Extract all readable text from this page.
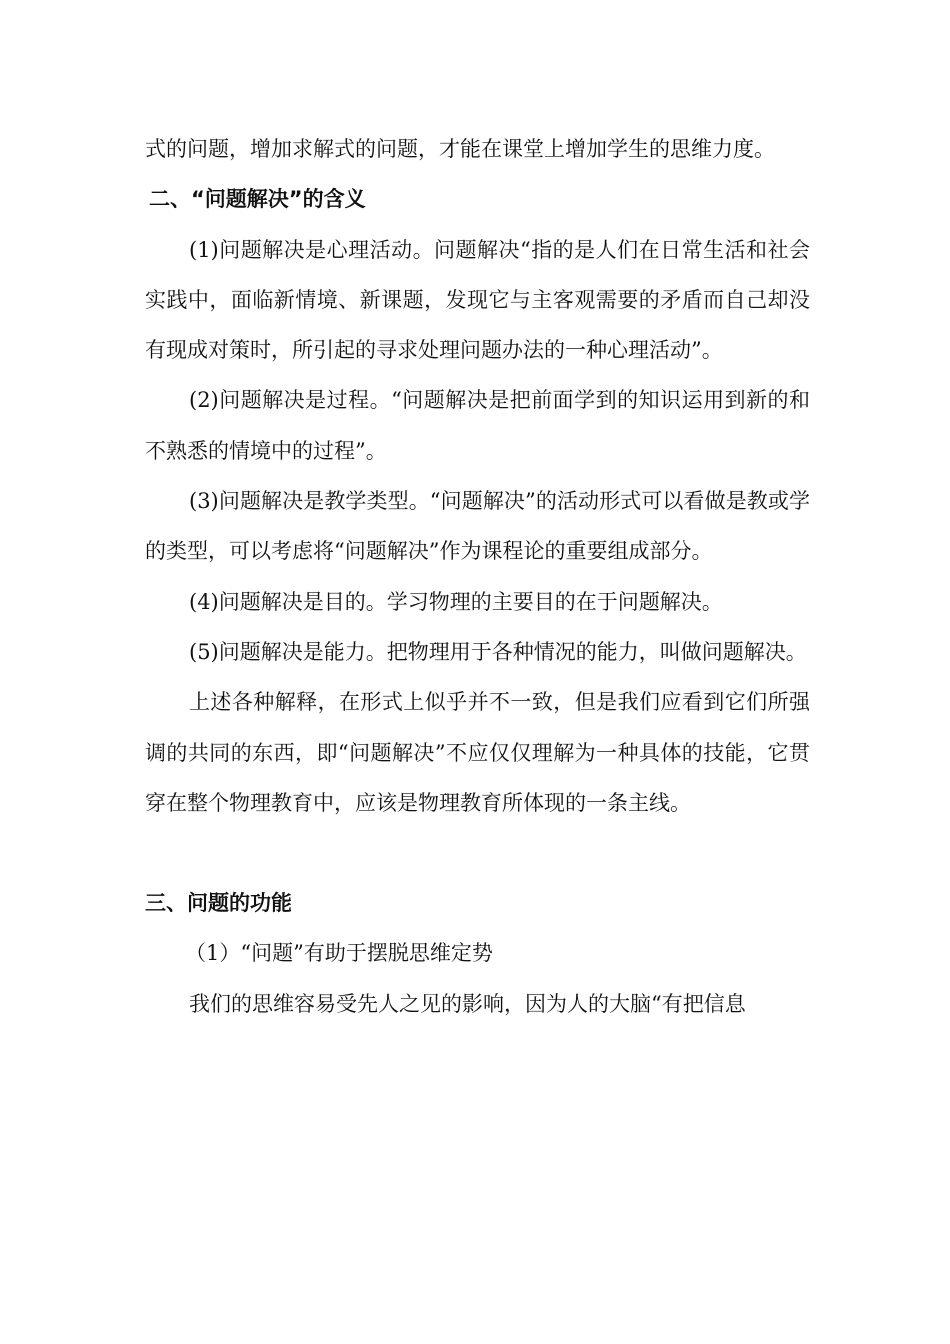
式的问题，增加求解式的问题，才能在课堂上增加学生的思维力度。

二、“问题解决”的含义

(1)问题解决是心理活动。问题解决“指的是人们在日常生活和社会实践中，面临新情境、新课题，发现它与主客观需要的矛盾而自己却没有现成对策时，所引起的寻求处理问题办法的一种心理活动”。

(2)问题解决是过程。“问题解决是把前面学到的知识运用到新的和不熟悉的情境中的过程”。

(3)问题解决是教学类型。“问题解决”的活动形式可以看做是教或学的类型，可以考虑将“问题解决”作为课程论的重要组成部分。

(4)问题解决是目的。学习物理的主要目的在于问题解决。

(5)问题解决是能力。把物理用于各种情况的能力，叫做问题解决。

上述各种解释，在形式上似乎并不一致，但是我们应看到它们所强调的共同的东西，即“问题解决”不应仅仅理解为一种具体的技能，它贯穿在整个物理教育中，应该是物理教育所体现的一条主线。

三、问题的功能

（1）“问题”有助于摆脱思维定势

我们的思维容易受先人之见的影响，因为人的大脑“有把信息
